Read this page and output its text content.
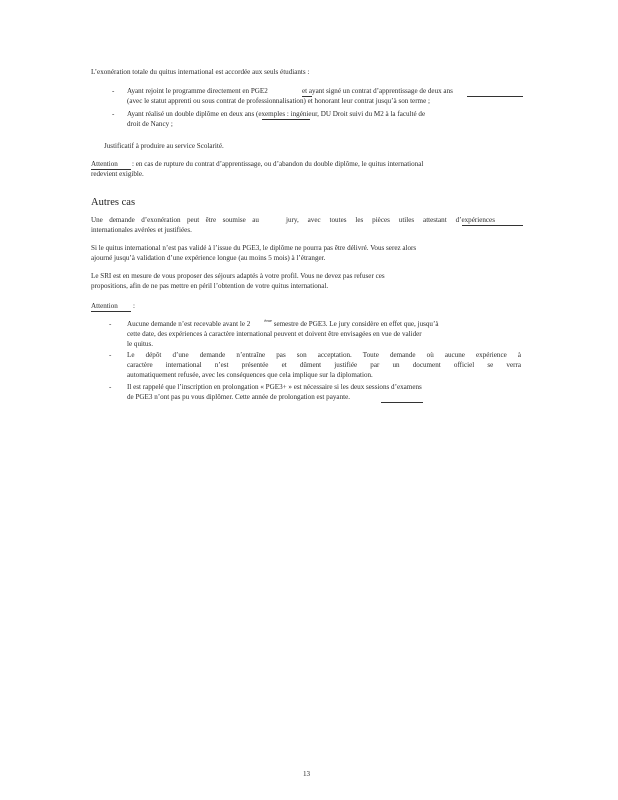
L’exonération totale du quitus international est accordée aux seuls étudiants :
- Ayant rejoint le programme directement en PGE2	et ayant signé un contrat d’apprentissage de deux ans
(avec le statut apprenti ou sous contrat de professionnalisation) et honorant leur contrat jusqu’à son terme ;
- Ayant réalisé un double diplôme en deux ans (exemples : ingénieur, DU Droit suivi du M2 à la faculté de
droit de Nancy ;
Justificatif à produire au service Scolarité.
Attention : en cas de rupture du contrat d’apprentissage, ou d’abandon du double diplôme, le quitus international
redevient exigible.
Autres cas
Une demande d’exonération peut être soumise au	jury, avec toutes les pièces utiles attestant d’expériences
internationales avérées et justifiées.
Si le quitus international n’est pas validé à l’issue du PGE3, le diplôme ne pourra pas être délivré. Vous serez alors
ajourné jusqu’à validation d’une expérience longue (au moins 5 mois) à l’étranger.
Le SRI est en mesure de vous proposer des séjours adaptés à votre profil. Vous ne devez pas refuser ces
propositions, afin de ne pas mettre en péril l’obtention de votre quitus international.
Attention :
- Aucune demande n’est recevable avant le 2	$^{ème}$ semestre de PGE3. Le jury considère en effet que, jusqu’à
cette date, des expériences à caractère international peuvent et doivent être envisagées en vue de valider
le quitus.
- Le dépôt d’une demande n’entraîne pas son acceptation. Toute demande où aucune expérience à
caractère international n’est présentée et dûment justifiée par un document officiel se verra
automatiquement refusée, avec les conséquences que cela implique sur la diplomation.
- Il est rappelé que l’inscription en prolongation « PGE3+ » est nécessaire si les deux sessions d’examens
de PGE3 n’ont pas pu vous diplômer. Cette année de prolongation est payante.
13
